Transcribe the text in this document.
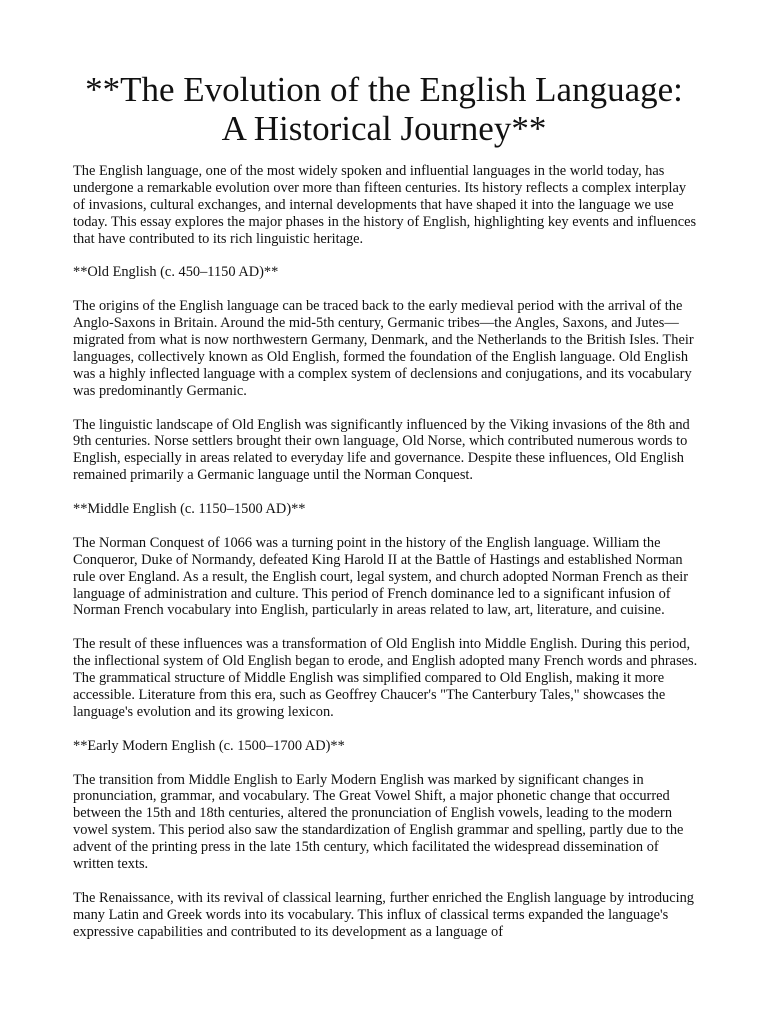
**The Evolution of the English Language:
A Historical Journey**

The English language, one of the most widely spoken and influential languages in the world today, has undergone a remarkable evolution over more than fifteen centuries. Its history reflects a complex interplay of invasions, cultural exchanges, and internal developments that have shaped it into the language we use today. This essay explores the major phases in the history of English, highlighting key events and influences that have contributed to its rich linguistic heritage.

**Old English (c. 450–1150 AD)**

The origins of the English language can be traced back to the early medieval period with the arrival of the Anglo-Saxons in Britain. Around the mid-5th century, Germanic tribes—the Angles, Saxons, and Jutes—migrated from what is now northwestern Germany, Denmark, and the Netherlands to the British Isles. Their languages, collectively known as Old English, formed the foundation of the English language. Old English was a highly inflected language with a complex system of declensions and conjugations, and its vocabulary was predominantly Germanic.

The linguistic landscape of Old English was significantly influenced by the Viking invasions of the 8th and 9th centuries. Norse settlers brought their own language, Old Norse, which contributed numerous words to English, especially in areas related to everyday life and governance. Despite these influences, Old English remained primarily a Germanic language until the Norman Conquest.

**Middle English (c. 1150–1500 AD)**

The Norman Conquest of 1066 was a turning point in the history of the English language. William the Conqueror, Duke of Normandy, defeated King Harold II at the Battle of Hastings and established Norman rule over England. As a result, the English court, legal system, and church adopted Norman French as their language of administration and culture. This period of French dominance led to a significant infusion of Norman French vocabulary into English, particularly in areas related to law, art, literature, and cuisine.

The result of these influences was a transformation of Old English into Middle English. During this period, the inflectional system of Old English began to erode, and English adopted many French words and phrases. The grammatical structure of Middle English was simplified compared to Old English, making it more accessible. Literature from this era, such as Geoffrey Chaucer's "The Canterbury Tales," showcases the language's evolution and its growing lexicon.

**Early Modern English (c. 1500–1700 AD)**

The transition from Middle English to Early Modern English was marked by significant changes in pronunciation, grammar, and vocabulary. The Great Vowel Shift, a major phonetic change that occurred between the 15th and 18th centuries, altered the pronunciation of English vowels, leading to the modern vowel system. This period also saw the standardization of English grammar and spelling, partly due to the advent of the printing press in the late 15th century, which facilitated the widespread dissemination of written texts.

The Renaissance, with its revival of classical learning, further enriched the English language by introducing many Latin and Greek words into its vocabulary. This influx of classical terms expanded the language's expressive capabilities and contributed to its development as a language of
